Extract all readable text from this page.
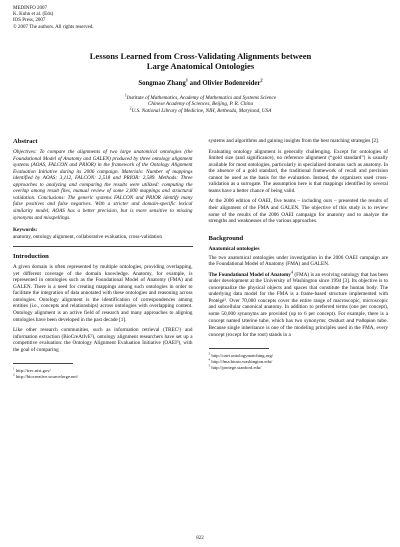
MEDINFO 2007
K. Kuhn et al. (Eds)
IOS Press, 2007
© 2007 The authors. All rights reserved.
Lessons Learned from Cross-Validating Alignments between
Large Anatomical Ontologies
Songmao Zhang$^1$ and Olivier Bodenreider$^2$
$^1$Institute of Mathematics, Academy of Mathematics and Systems Science
Chinese Academy of Sciences, Beijing, P. R. China
$^2$U.S. National Library of Medicine, NIH, Bethesda, Maryland, USA
Abstract

Objectives: To compare the alignments of two large anatomical ontologies (the Foundational Model of Anatomy and GALEN) produced by three ontology alignment systems (AOAS, FALCON and PRIOR) in the framework of the Ontology Alignment Evaluation Initiative during its 2006 campaign. Materials: Number of mappings identified by AOAS: 3,112, FALCON: 2,518 and PRIOR: 2,589. Methods: Three approaches to analyzing and comparing the results were utilized: computing the overlap among result files, manual review of some 2,000 mappings and structural validation. Conclusions: The generic systems FALCON and PRIOR identify many false positives and false negatives. With a stricter and domain-specific lexical similarity model, AOAS has a better precision, but is more sensitive to missing synonyms and misspellings.

Keywords:

anatomy, ontology alignment, collaborative evaluation, cross-validation

Introduction

A given domain is often represented by multiple ontologies, providing overlapping, yet different coverage of the domain knowledge. Anatomy, for example, is represented in ontologies such as the Foundational Model of Anatomy (FMA) and GALEN. There is a need for creating mappings among such ontologies in order to facilitate the integration of data annotated with these ontologies and reasoning across ontologies. Ontology alignment is the identification of correspondences among entities (i.e., concepts and relationships) across ontologies with overlapping content. Ontology alignment is an active field of research and many approaches to aligning ontologies have been developed in the past decade [1].

Like other research communities, such as information retrieval (TREC¹) and information extraction (BioCreAtIvE²), ontology alignment researchers have set up a competitive evaluation: the Ontology Alignment Evaluation Initiative (OAEI³), with the goal of comparing

$^1$ http://trec.nist.gov/
$^2$ http://biocreative.sourceforge.net/

systems and algorithms and gaining insights from the best matching strategies [2].

Evaluating ontology alignment is generally challenging. Except for ontologies of limited size (and significance), no reference alignment (“gold standard”) is usually available for most ontologies, particularly in specialized domains such as anatomy. In the absence of a gold standard, the traditional framework of recall and precision cannot be used as the basis for the evaluation. Instead, the organizers used cross-validation as a surrogate. The assumption here is that mappings identified by several teams have a better chance of being valid.

At the 2006 edition of OAEI, five teams – including ours – presented the results of their alignment of the FMA and GALEN. The objective of this study is to review some of the results of the 2006 OAEI campaign for anatomy and to analyze the strengths and weaknesses of the various approaches.

Background
Anatomical ontologies

The two anatomical ontologies under investigation in the 2006 OAEI campaign are the Foundational Model of Anatomy (FMA) and GALEN.

The Foundational Model of Anatomy$^4$ (FMA) is an evolving ontology that has been under development at the University of Washington since 1994 [3]. Its objective is to conceptualize the physical objects and spaces that constitute the human body. The underlying data model for the FMA is a frame-based structure implemented with Protégé⁵. Over 70,000 concepts cover the entire range of macroscopic, microscopic and subcellular canonical anatomy. In addition to preferred terms (one per concept), some 50,000 synonyms are provided (up to 6 per concept). For example, there is a concept named Uterine tube, which has two synonyms: Oviduct and Fallopian tube. Because single inheritance is one of the modeling principles used in the FMA, every concept (except for the root) stands in a

$^3$ http://oaei.ontologymatching.org/
$^4$ http://fma.biostr.washington.edu/
$^5$ http://protege.stanford.edu/
822
